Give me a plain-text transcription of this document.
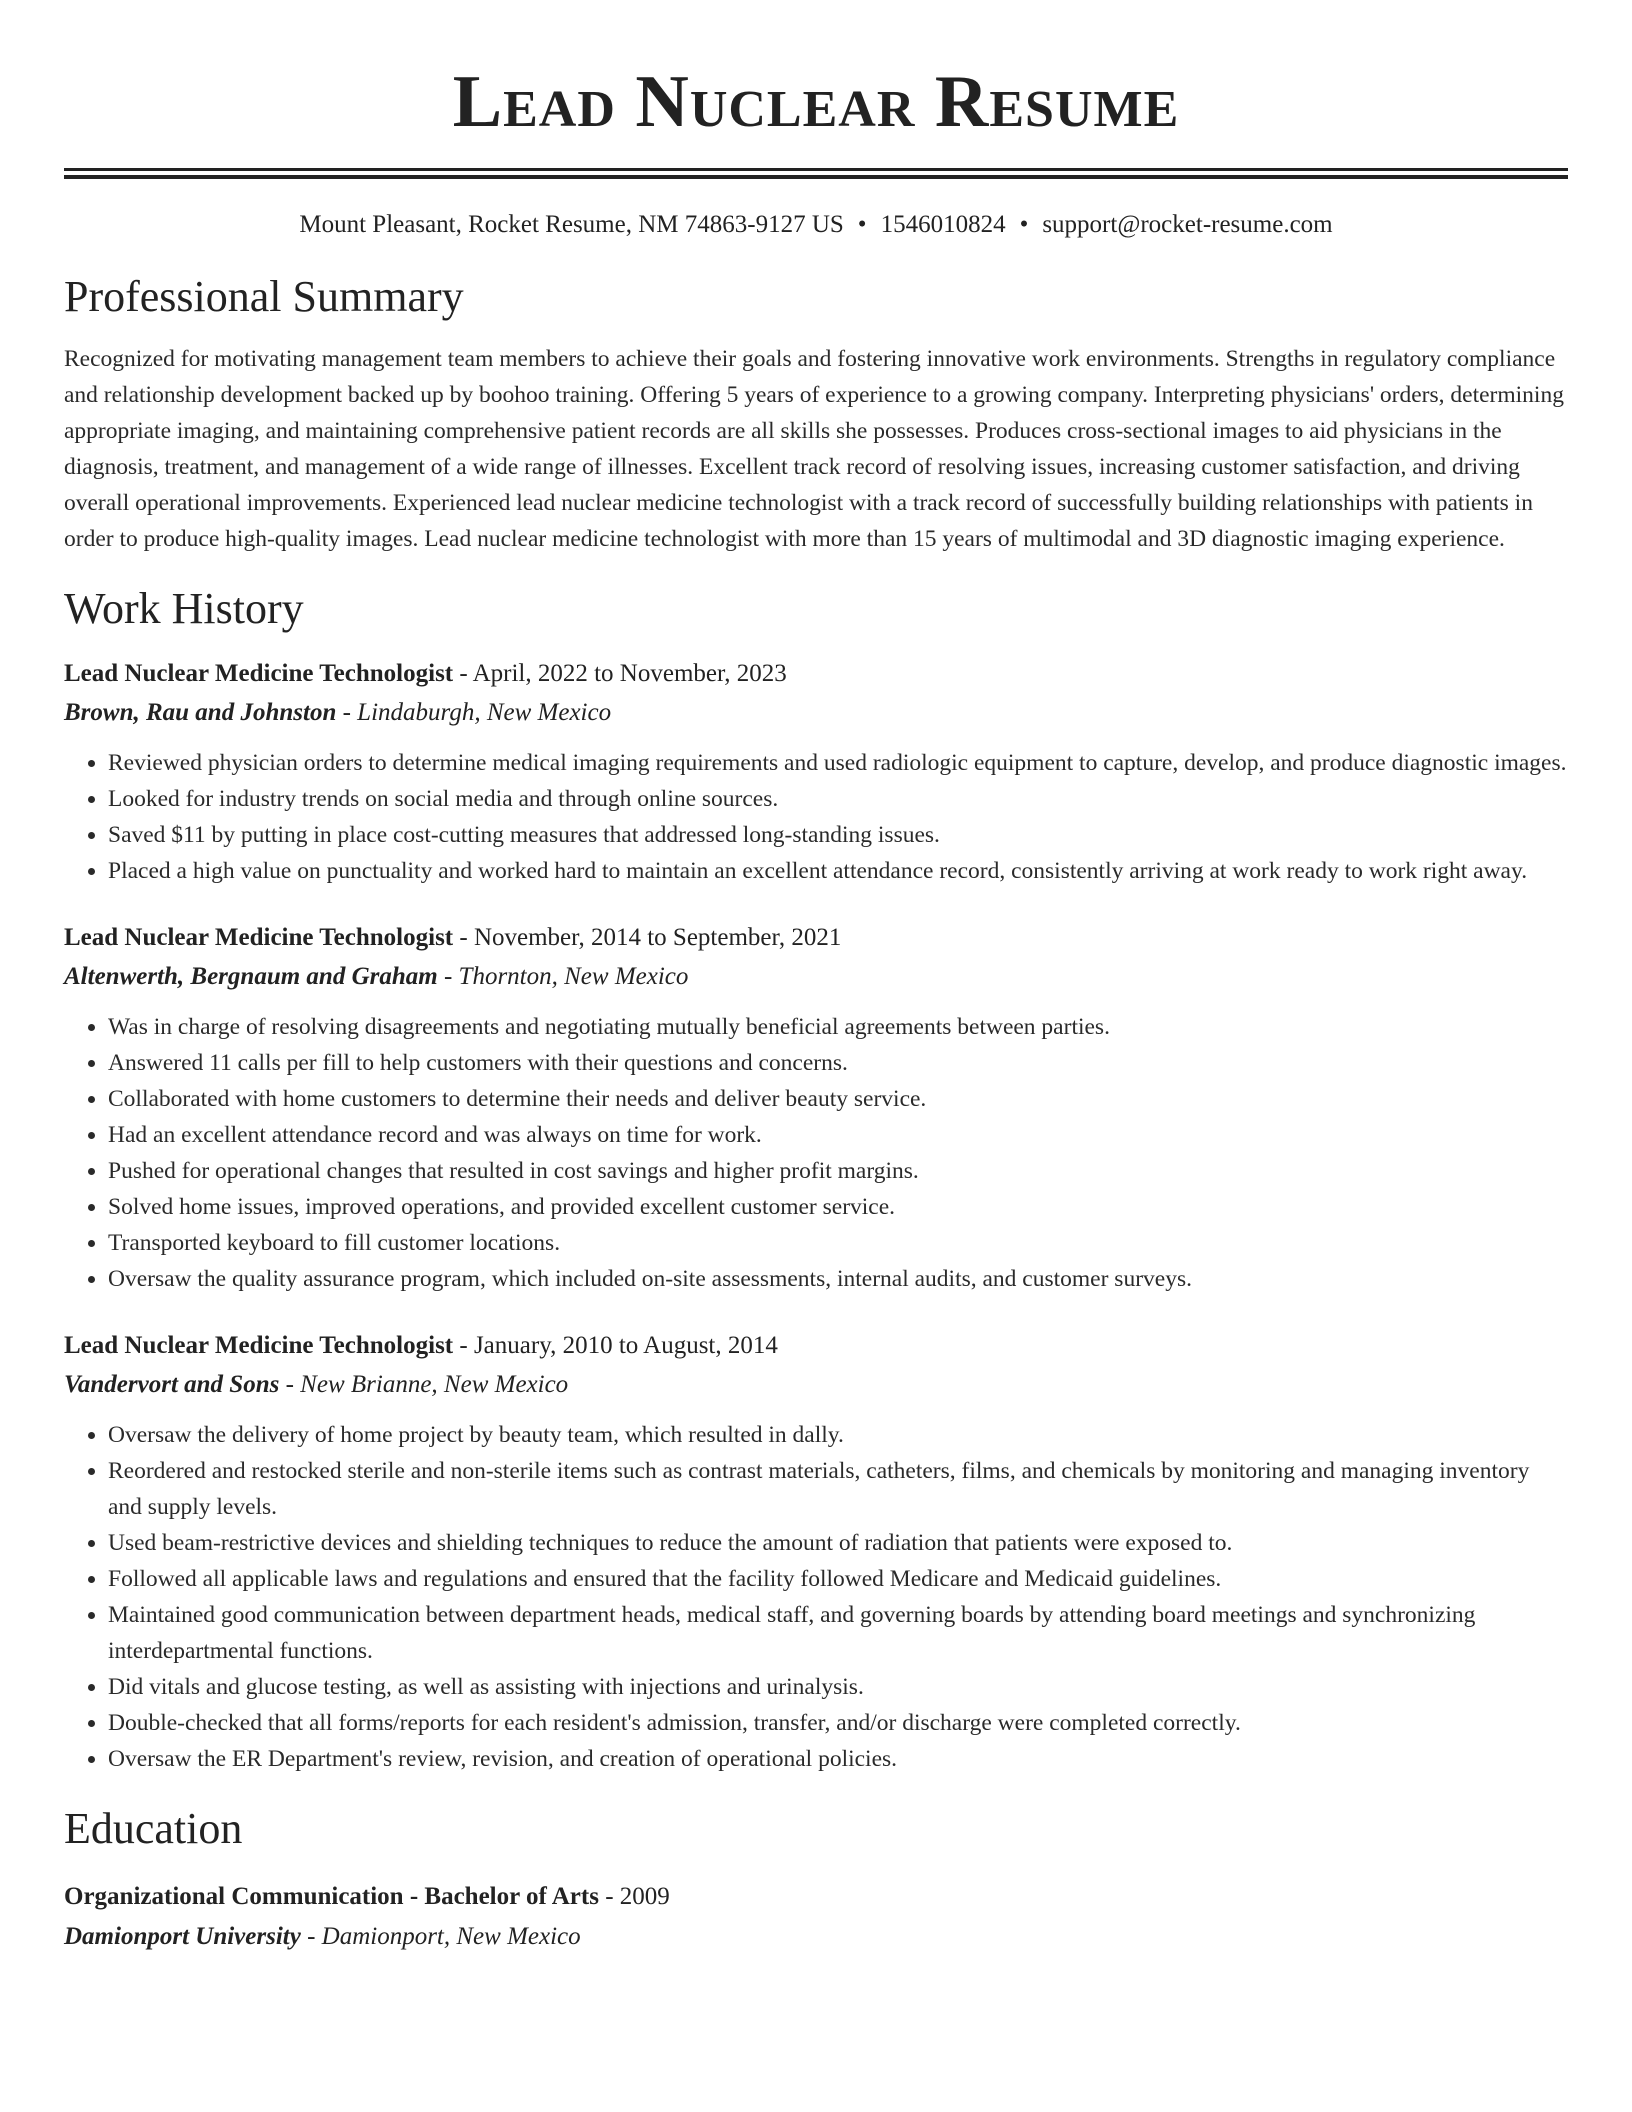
Lead Nuclear Resume
Mount Pleasant, Rocket Resume, NM 74863-9127 US • 1546010824 • support@rocket-resume.com
Professional Summary

Recognized for motivating management team members to achieve their goals and fostering innovative work environments. Strengths in regulatory compliance and relationship development backed up by boohoo training. Offering 5 years of experience to a growing company. Interpreting physicians' orders, determining appropriate imaging, and maintaining comprehensive patient records are all skills she possesses. Produces cross-sectional images to aid physicians in the diagnosis, treatment, and management of a wide range of illnesses. Excellent track record of resolving issues, increasing customer satisfaction, and driving overall operational improvements. Experienced lead nuclear medicine technologist with a track record of successfully building relationships with patients in order to produce high-quality images. Lead nuclear medicine technologist with more than 15 years of multimodal and 3D diagnostic imaging experience.

Work History
Lead Nuclear Medicine Technologist - April, 2022 to November, 2023
Brown, Rau and Johnston - Lindaburgh, New Mexico
• Reviewed physician orders to determine medical imaging requirements and used radiologic equipment to capture, develop, and produce diagnostic images.
• Looked for industry trends on social media and through online sources.
• Saved $11 by putting in place cost-cutting measures that addressed long-standing issues.
• Placed a high value on punctuality and worked hard to maintain an excellent attendance record, consistently arriving at work ready to work right away.
Lead Nuclear Medicine Technologist - November, 2014 to September, 2021
Altenwerth, Bergnaum and Graham - Thornton, New Mexico
• Was in charge of resolving disagreements and negotiating mutually beneficial agreements between parties.
• Answered 11 calls per fill to help customers with their questions and concerns.
• Collaborated with home customers to determine their needs and deliver beauty service.
• Had an excellent attendance record and was always on time for work.
• Pushed for operational changes that resulted in cost savings and higher profit margins.
• Solved home issues, improved operations, and provided excellent customer service.
• Transported keyboard to fill customer locations.
• Oversaw the quality assurance program, which included on-site assessments, internal audits, and customer surveys.
Lead Nuclear Medicine Technologist - January, 2010 to August, 2014
Vandervort and Sons - New Brianne, New Mexico
• Oversaw the delivery of home project by beauty team, which resulted in dally.
• Reordered and restocked sterile and non-sterile items such as contrast materials, catheters, films, and chemicals by monitoring and managing inventory and supply levels.
• Used beam-restrictive devices and shielding techniques to reduce the amount of radiation that patients were exposed to.
• Followed all applicable laws and regulations and ensured that the facility followed Medicare and Medicaid guidelines.
• Maintained good communication between department heads, medical staff, and governing boards by attending board meetings and synchronizing interdepartmental functions.
• Did vitals and glucose testing, as well as assisting with injections and urinalysis.
• Double-checked that all forms/reports for each resident's admission, transfer, and/or discharge were completed correctly.
• Oversaw the ER Department's review, revision, and creation of operational policies.
Education
Organizational Communication - Bachelor of Arts - 2009
Damionport University - Damionport, New Mexico
